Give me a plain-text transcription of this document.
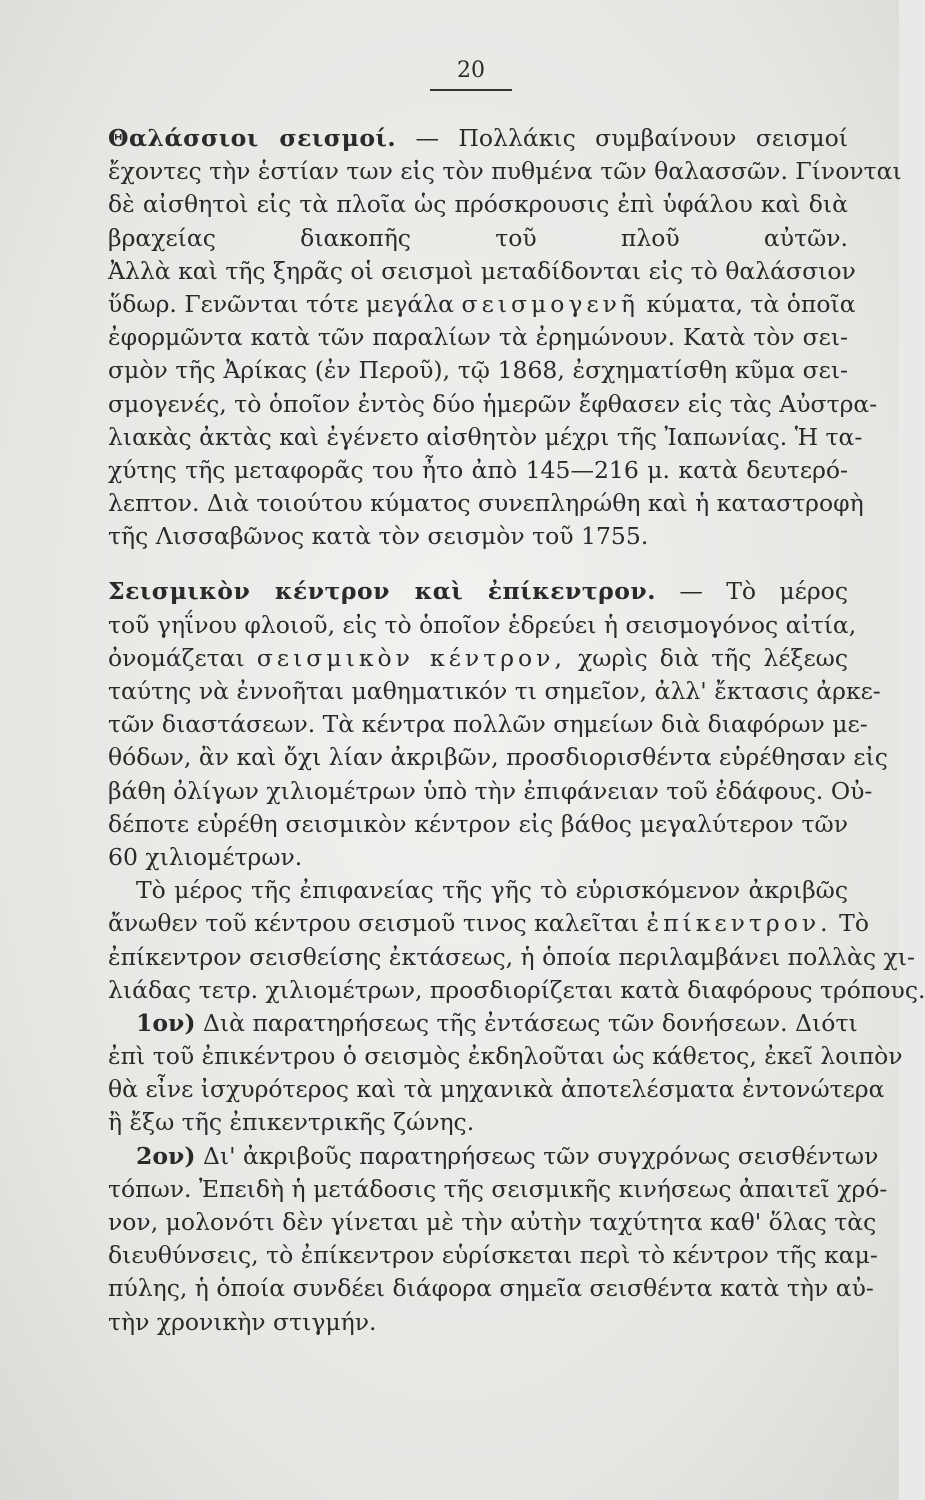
20
Θαλάσσιοι σεισμοί. — Πολλάκις συμβαίνουν σεισμοί
ἔχοντες τὴν ἑστίαν των εἰς τὸν πυθμένα τῶν θαλασσῶν. Γίνονται
δὲ αἰσθητοὶ εἰς τὰ πλοῖα ὡς πρόσκρουσις ἐπὶ ὑφάλου καὶ διὰ
βραχείας διακοπῆς τοῦ πλοῦ αὐτῶν.
Ἀλλὰ καὶ τῆς ξηρᾶς οἱ σεισμοὶ μεταδίδονται εἰς τὸ θαλάσσιον
ὕδωρ. Γενῶνται τότε μεγάλα σεισμογενῆ κύματα, τὰ ὁποῖα
ἐφορμῶντα κατὰ τῶν παραλίων τὰ ἐρημώνουν. Κατὰ τὸν σει-
σμὸν τῆς Ἀρίκας (ἐν Περοῦ), τῷ 1868, ἐσχηματίσθη κῦμα σει-
σμογενές, τὸ ὁποῖον ἐντὸς δύο ἡμερῶν ἔφθασεν εἰς τὰς Αὐστρα-
λιακὰς ἀκτὰς καὶ ἐγένετο αἰσθητὸν μέχρι τῆς Ἰαπωνίας. Ἡ τα-
χύτης τῆς μεταφορᾶς του ἦτο ἀπὸ 145—216 μ. κατὰ δευτερό-
λεπτον. Διὰ τοιούτου κύματος συνεπληρώθη καὶ ἡ καταστροφὴ
τῆς Λισσαβῶνος κατὰ τὸν σεισμὸν τοῦ 1755.
Σεισμικὸν κέντρον καὶ ἐπίκεντρον. — Τὸ μέρος
τοῦ γηΐνου φλοιοῦ, εἰς τὸ ὁποῖον ἑδρεύει ἡ σεισμογόνος αἰτία,
ὀνομάζεται σεισμικὸν κέντρον, χωρὶς διὰ τῆς λέξεως
ταύτης νὰ ἐννοῆται μαθηματικόν τι σημεῖον, ἀλλ' ἔκτασις ἀρκε-
τῶν διαστάσεων. Τὰ κέντρα πολλῶν σημείων διὰ διαφόρων με-
θόδων, ἂν καὶ ὄχι λίαν ἀκριβῶν, προσδιορισθέντα εὑρέθησαν εἰς
βάθη ὀλίγων χιλιομέτρων ὑπὸ τὴν ἐπιφάνειαν τοῦ ἐδάφους. Οὐ-
δέποτε εὑρέθη σεισμικὸν κέντρον εἰς βάθος μεγαλύτερον τῶν
60 χιλιομέτρων.
Τὸ μέρος τῆς ἐπιφανείας τῆς γῆς τὸ εὑρισκόμενον ἀκριβῶς
ἄνωθεν τοῦ κέντρου σεισμοῦ τινος καλεῖται ἐπίκεντρον. Τὸ
ἐπίκεντρον σεισθείσης ἐκτάσεως, ἡ ὁποία περιλαμβάνει πολλὰς χι-
λιάδας τετρ. χιλιομέτρων, προσδιορίζεται κατὰ διαφόρους τρόπους.
1ον) Διὰ παρατηρήσεως τῆς ἐντάσεως τῶν δονήσεων. Διότι
ἐπὶ τοῦ ἐπικέντρου ὁ σεισμὸς ἐκδηλοῦται ὡς κάθετος, ἐκεῖ λοιπὸν
θὰ εἶνε ἰσχυρότερος καὶ τὰ μηχανικὰ ἀποτελέσματα ἐντονώτερα
ἢ ἔξω τῆς ἐπικεντρικῆς ζώνης.
2ον) Δι' ἀκριβοῦς παρατηρήσεως τῶν συγχρόνως σεισθέντων
τόπων. Ἐπειδὴ ἡ μετάδοσις τῆς σεισμικῆς κινήσεως ἀπαιτεῖ χρό-
νον, μολονότι δὲν γίνεται μὲ τὴν αὐτὴν ταχύτητα καθ' ὅλας τὰς
διευθύνσεις, τὸ ἐπίκεντρον εὑρίσκεται περὶ τὸ κέντρον τῆς καμ-
πύλης, ἡ ὁποία συνδέει διάφορα σημεῖα σεισθέντα κατὰ τὴν αὐ-
τὴν χρονικὴν στιγμήν.
